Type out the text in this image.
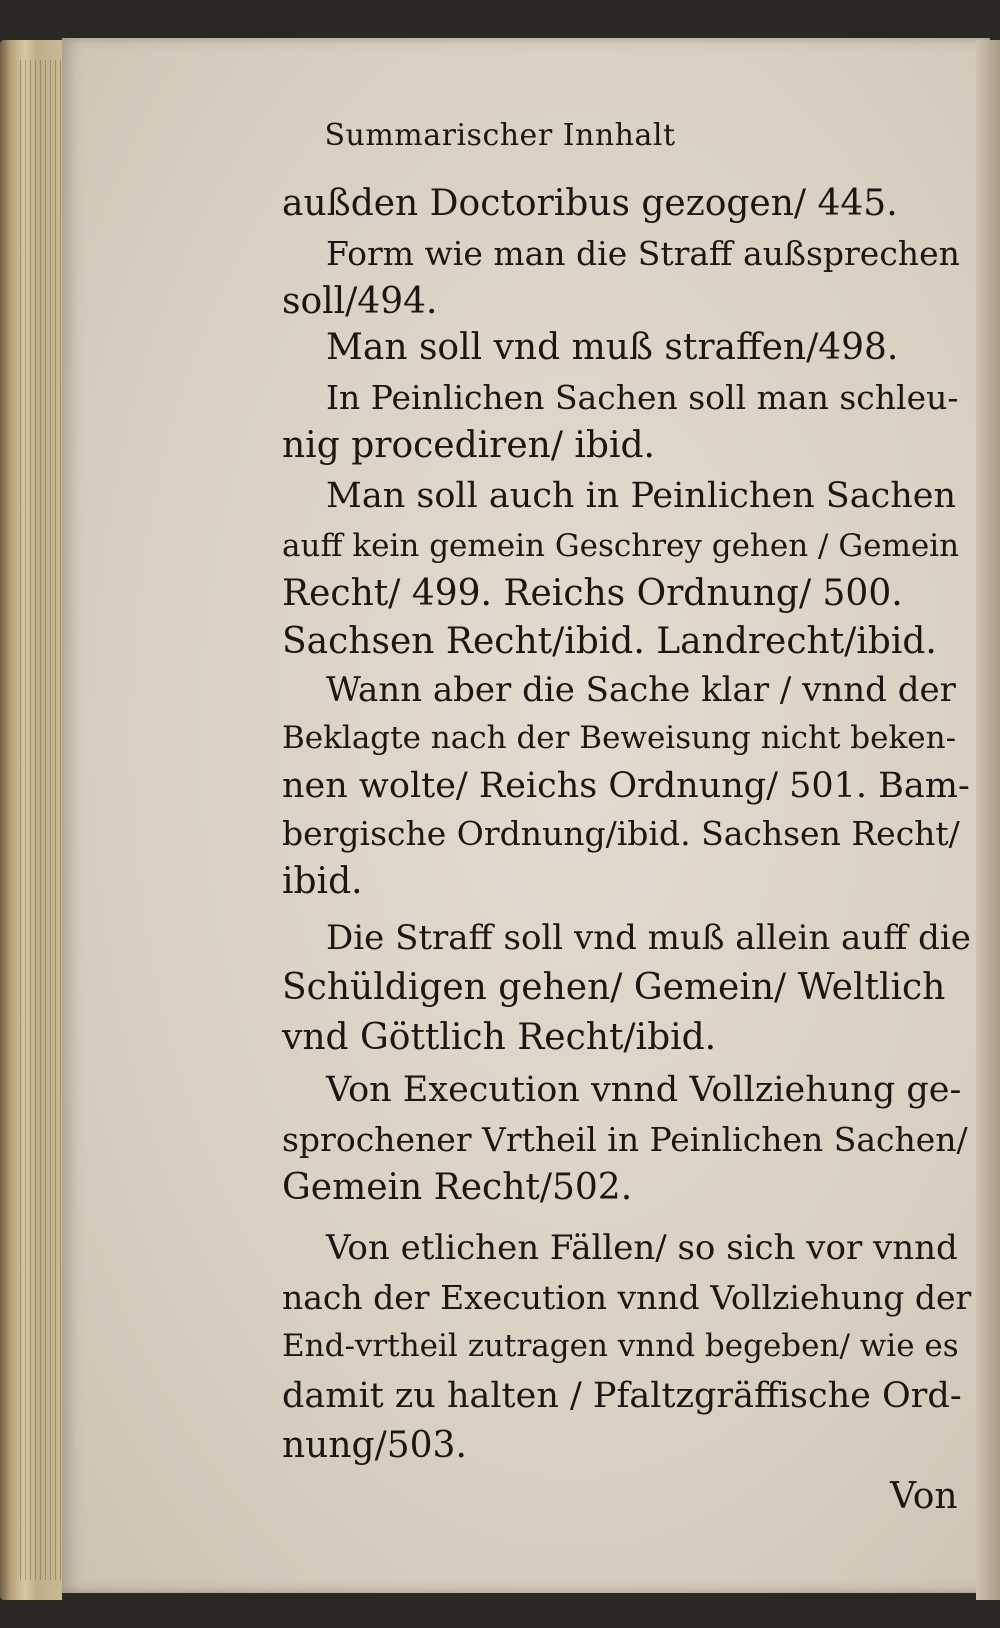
Summarischer Innhalt
außden Doctoribus gezogen/ 445.
Form wie man die Straff außsprechen
soll/494.
Man soll vnd muß straffen/498.
In Peinlichen Sachen soll man schleu-
nig procediren/ ibid.
Man soll auch in Peinlichen Sachen
auff kein gemein Geschrey gehen / Gemein
Recht/ 499. Reichs Ordnung/ 500.
Sachsen Recht/ibid. Landrecht/ibid.
Wann aber die Sache klar / vnnd der
Beklagte nach der Beweisung nicht beken-
nen wolte/ Reichs Ordnung/ 501. Bam-
bergische Ordnung/ibid. Sachsen Recht/
ibid.
Die Straff soll vnd muß allein auff die
Schüldigen gehen/ Gemein/ Weltlich
vnd Göttlich Recht/ibid.
Von Execution vnnd Vollziehung ge-
sprochener Vrtheil in Peinlichen Sachen/
Gemein Recht/502.
Von etlichen Fällen/ so sich vor vnnd
nach der Execution vnnd Vollziehung der
End-vrtheil zutragen vnnd begeben/ wie es
damit zu halten / Pfaltzgräffische Ord-
nung/503.
Von
